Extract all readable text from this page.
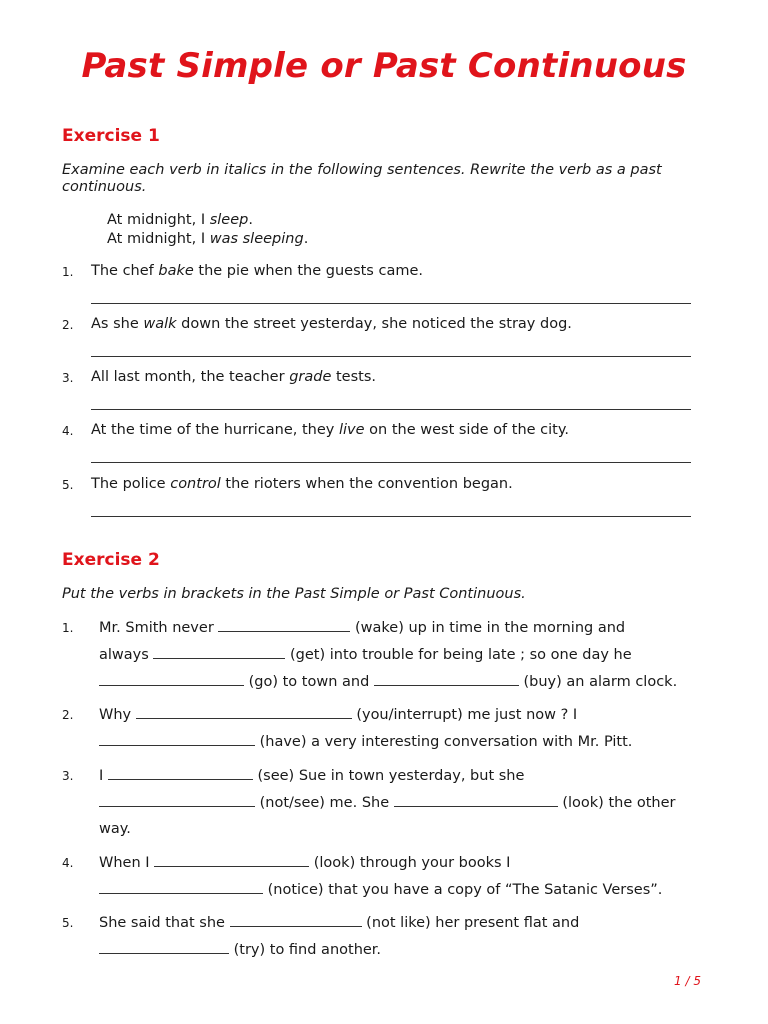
Past Simple or Past Continuous
Exercise 1

Examine each verb in italics in the following sentences. Rewrite the verb as a past continuous.

At midnight, I sleep.
At midnight, I was sleeping.
1. The chef bake the pie when the guests came.
2. As she walk down the street yesterday, she noticed the stray dog.
3. All last month, the teacher grade tests.
4. At the time of the hurricane, they live on the west side of the city.
5. The police control the rioters when the convention began.
Exercise 2

Put the verbs in brackets in the Past Simple or Past Continuous.

1. Mr. Smith never	(wake) up in time in the morning and
always	(get) into trouble for being late ; so one day he
(go) to town and	(buy) an alarm clock.
2. Why	(you/interrupt) me just now ? I
(have) a very interesting conversation with Mr. Pitt.
3. I	(see) Sue in town yesterday, but she
(not/see) me. She	(look) the other
way.
4. When I	(look) through your books I
(notice) that you have a copy of “The Satanic Verses”.
5. She said that she	(not like) her present flat and
(try) to find another.
1 / 5
